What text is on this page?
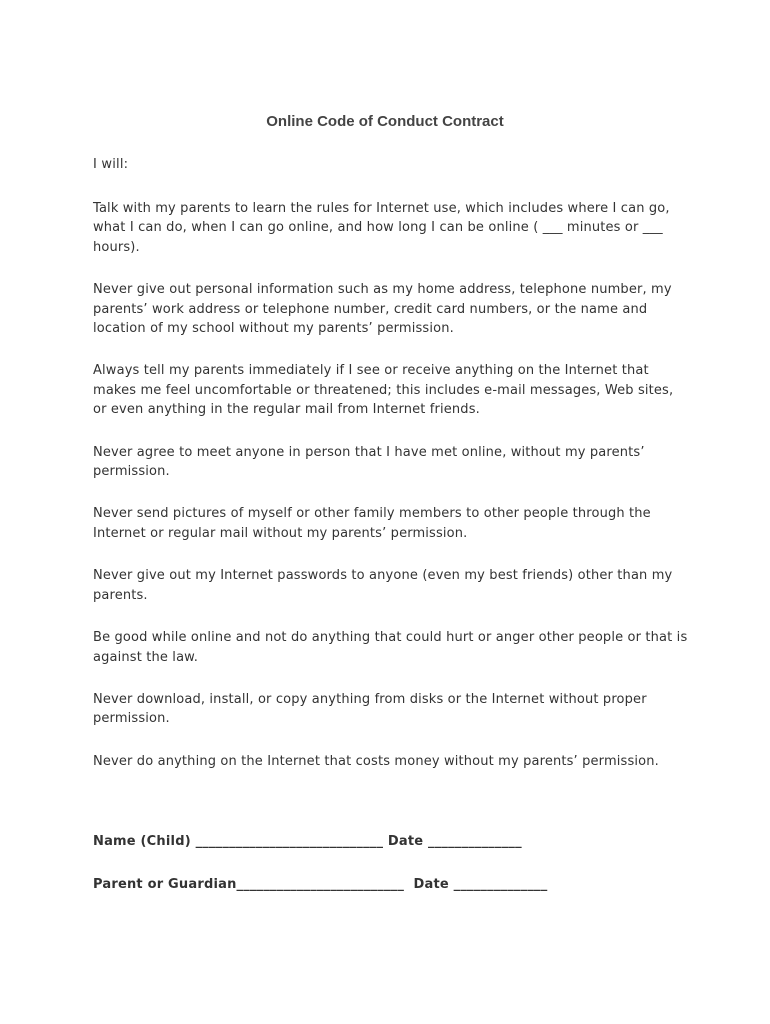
Online Code of Conduct Contract
I will:
Talk with my parents to learn the rules for Internet use, which includes where I can go, what I can do, when I can go online, and how long I can be online ( ___ minutes or ___ hours).
Never give out personal information such as my home address, telephone number, my parents’ work address or telephone number, credit card numbers, or the name and location of my school without my parents’ permission.
Always tell my parents immediately if I see or receive anything on the Internet that makes me feel uncomfortable or threatened; this includes e-mail messages, Web sites, or even anything in the regular mail from Internet friends.
Never agree to meet anyone in person that I have met online, without my parents’ permission.
Never send pictures of myself or other family members to other people through the Internet or regular mail without my parents’ permission.
Never give out my Internet passwords to anyone (even my best friends) other than my parents.
Be good while online and not do anything that could hurt or anger other people or that is against the law.
Never download, install, or copy anything from disks or the Internet without proper permission.
Never do anything on the Internet that costs money without my parents’ permission.
Name (Child) ____________________________ Date ______________
Parent or Guardian_________________________  Date ______________
